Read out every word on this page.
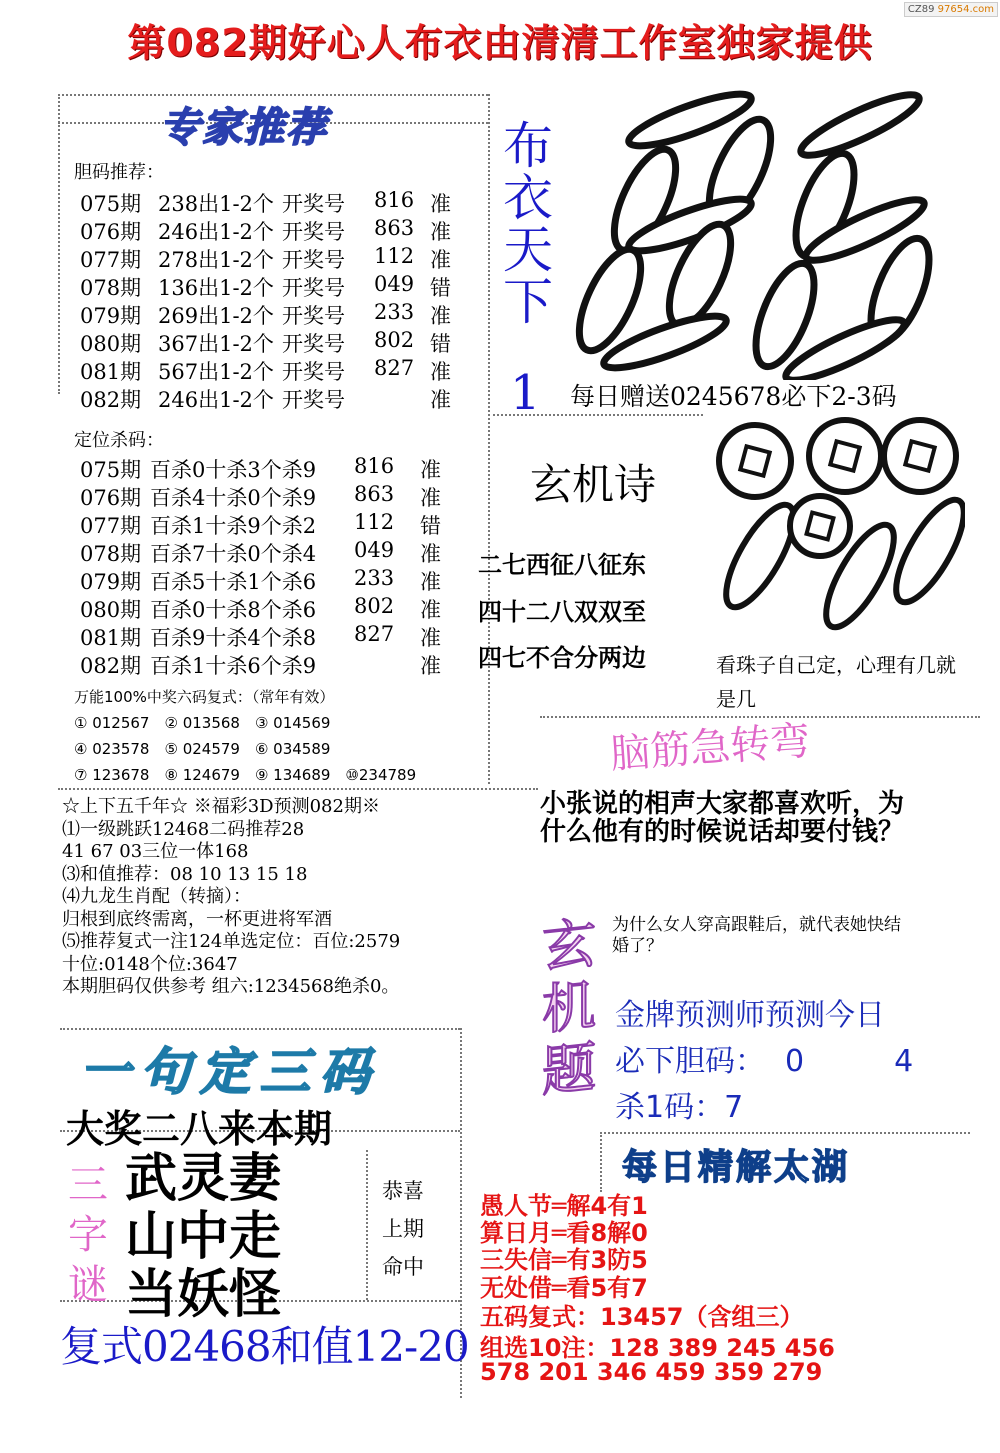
CZ89 97654.com
第082期好心人布衣由清清工作室独家提供
专家推荐
胆码推荐：
075期 238出1-2个 开奖号 816 准
076期 246出1-2个 开奖号 863 准
077期 278出1-2个 开奖号 112 准
078期 136出1-2个 开奖号 049 错
079期 269出1-2个 开奖号 233 准
080期 367出1-2个 开奖号 802 错
081期 567出1-2个 开奖号 827 准
082期 246出1-2个 开奖号	准
定位杀码：
075期 百杀0十杀3个杀9 816 准
076期 百杀4十杀0个杀9 863 准
077期 百杀1十杀9个杀2 112 错
078期 百杀7十杀0个杀4 049 准
079期 百杀5十杀1个杀6 233 准
080期 百杀0十杀8个杀6 802 准
081期 百杀9十杀4个杀8 827 准
082期 百杀1十杀6个杀9	准
万能100%中奖六码复式：（常年有效）
① 012567　② 013568　③ 014569
④ 023578　⑤ 024579　⑥ 034589
⑦ 123678　⑧ 124679　⑨ 134689　⑩234789
☆上下五千年☆ ※福彩3D预测082期※
⑴一级跳跃12468二码推荐28
41 67 03三位一体168
⑶和值推荐：08 10 13 15 18
⑷九龙生肖配（转摘）：
归根到底终需离，一杯更进将军酒
⑸推荐复式一注124单选定位：百位:2579
十位:0148个位:3647
本期胆码仅供参考 组六:1234568绝杀0。
布
衣
天
下
1 每日赠送0245678必下2-3码
玄机诗
二七西征八征东
四十二八双双至
四七不合分两边	看珠子自己定，心理有几就是几
脑筋急转弯
小张说的相声大家都喜欢听，为什么他有的时候说话却要付钱？
玄
机
题
为什么女人穿高跟鞋后，就代表她快结婚了？
金牌预测师预测今日
必下胆码： 0	4
杀1码：7
每日精解太湖
愚人节═解4有1
算日月═看8解0
三失信═有3防5
无处借═看5有7
五码复式：13457（含组三）
组选10注：128 389 245 456
578 201 346 459 359 279
一句定三码
大奖二八来本期
三
字
谜
武灵妻
山中走
当妖怪
恭喜
上期
命中
复式02468和值12-20
